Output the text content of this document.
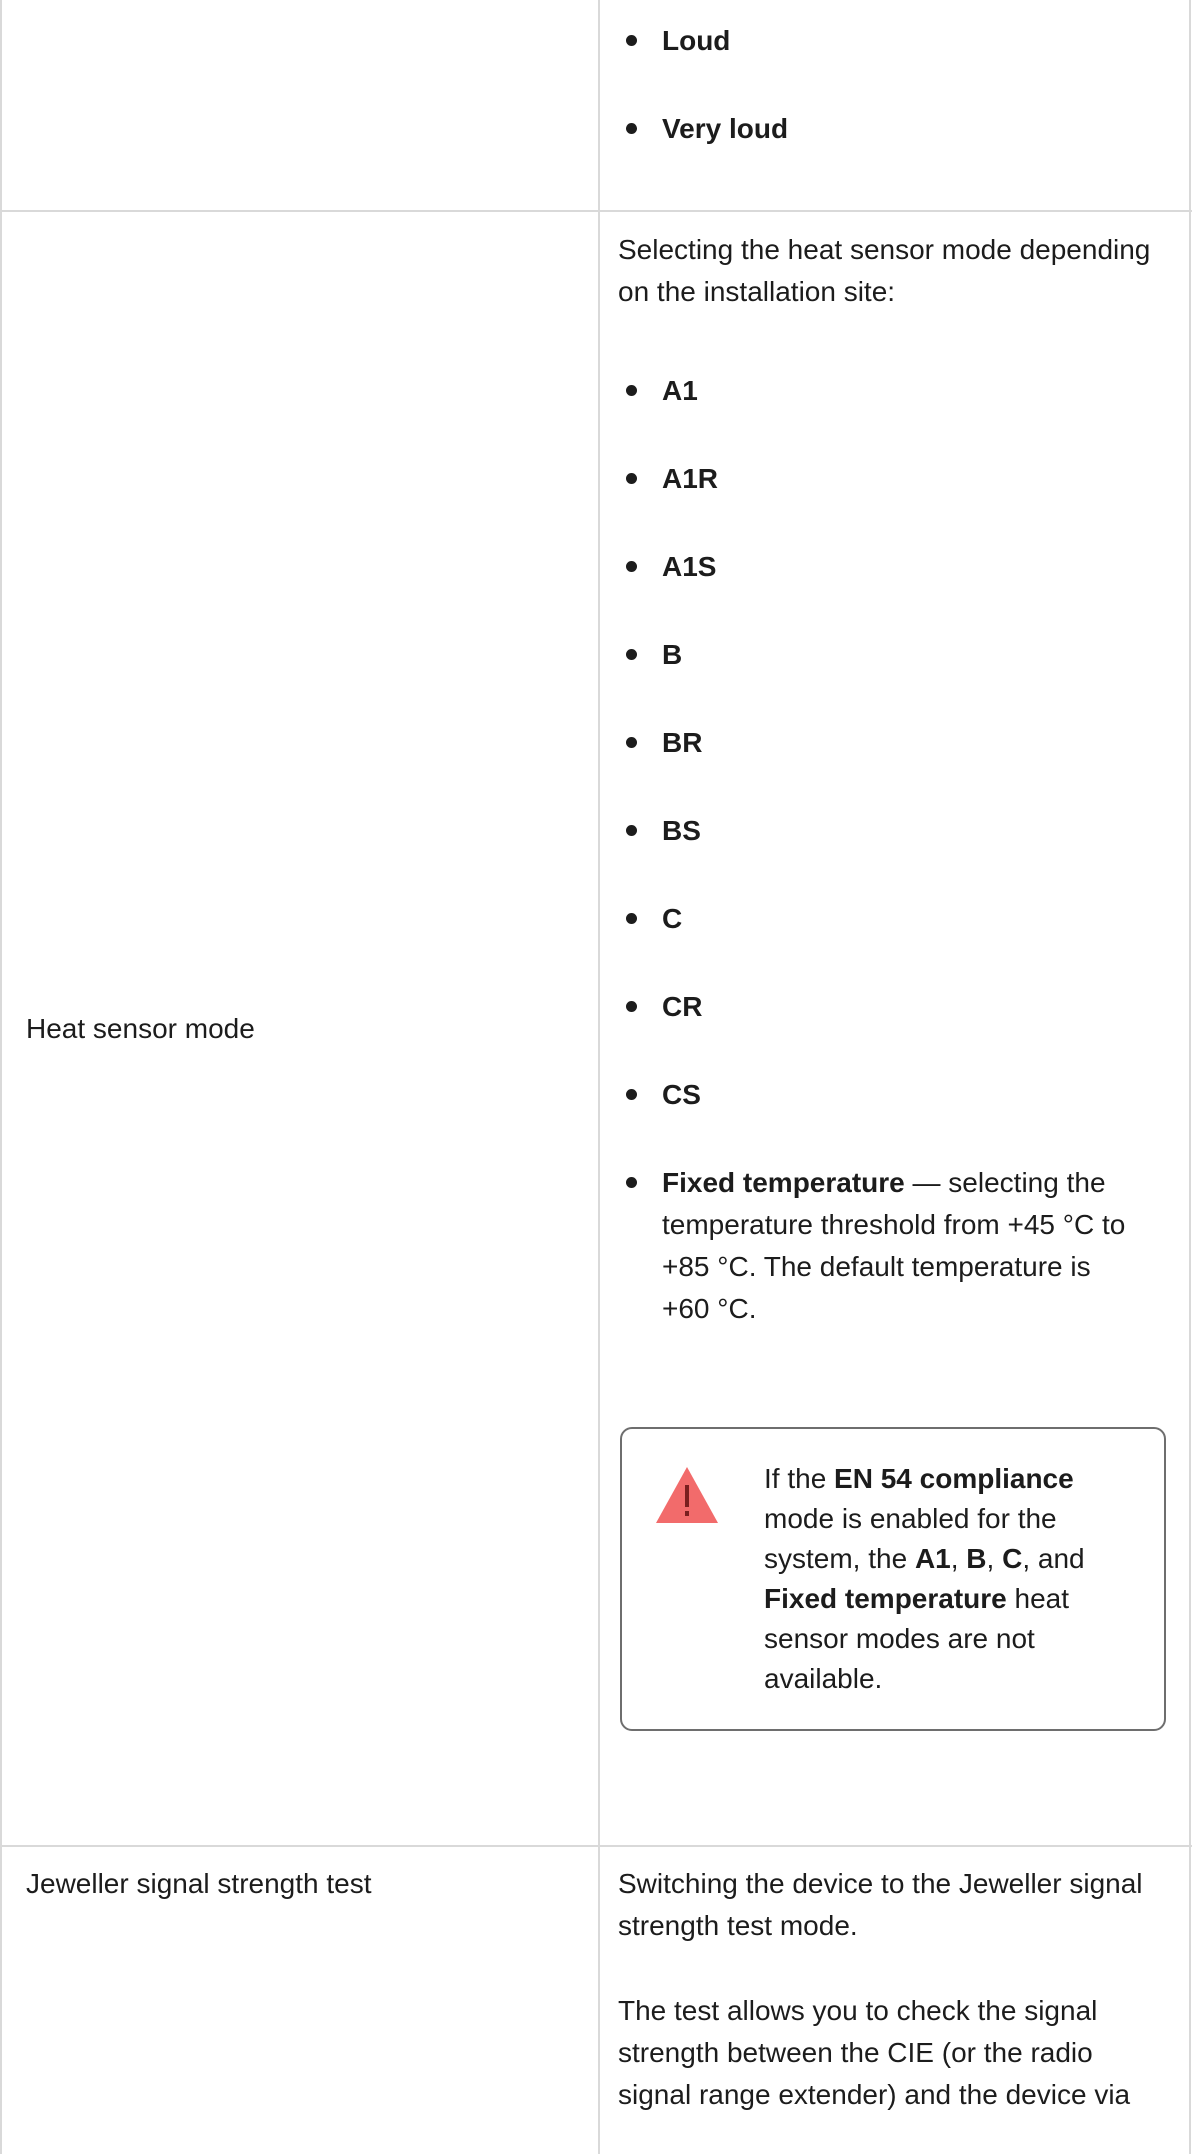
Loud
Very loud
Heat sensor mode
Selecting the heat sensor mode depending on the installation site:
A1
A1R
A1S
B
BR
BS
C
CR
CS
Fixed temperature — selecting the temperature threshold from +45 °C to +85 °C. The default temperature is +60 °C.
If the EN 54 compliance mode is enabled for the system, the A1, B, C, and Fixed temperature heat sensor modes are not available.
Jeweller signal strength test	Switching the device to the Jeweller signal strength test mode.
The test allows you to check the signal strength between the CIE (or the radio signal range extender) and the device via
